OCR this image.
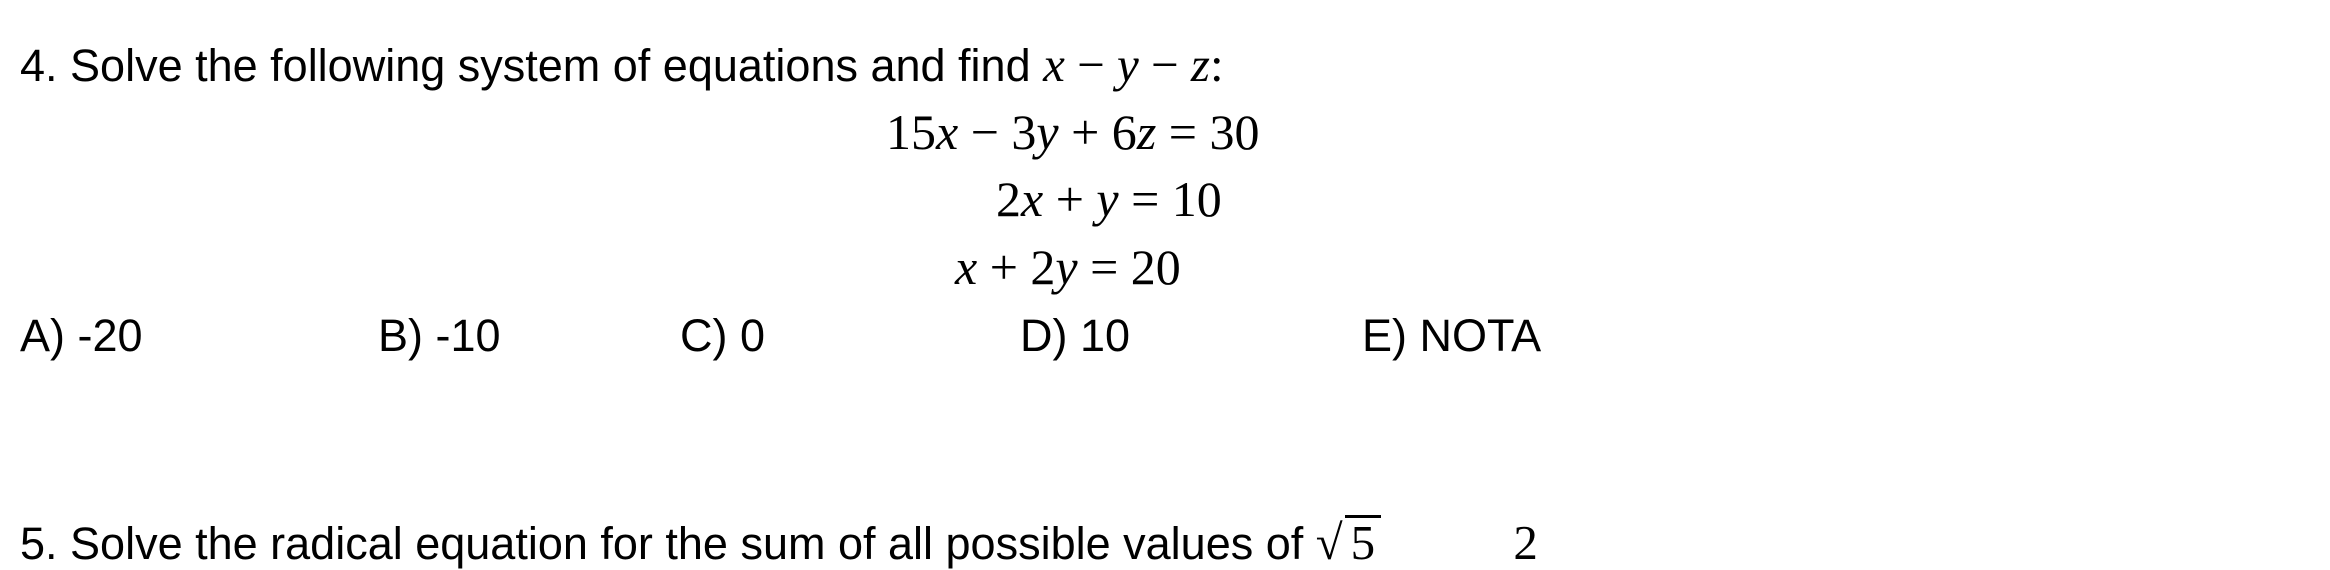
4. Solve the following system of equations and find x − y − z:
15x − 3y + 6z = 30
2x + y = 10
x + 2y = 20
A) -20	B) -10	C) 0	D) 10	E) NOTA
5. Solve the radical equation for the sum of all possible values of √ 5	2
